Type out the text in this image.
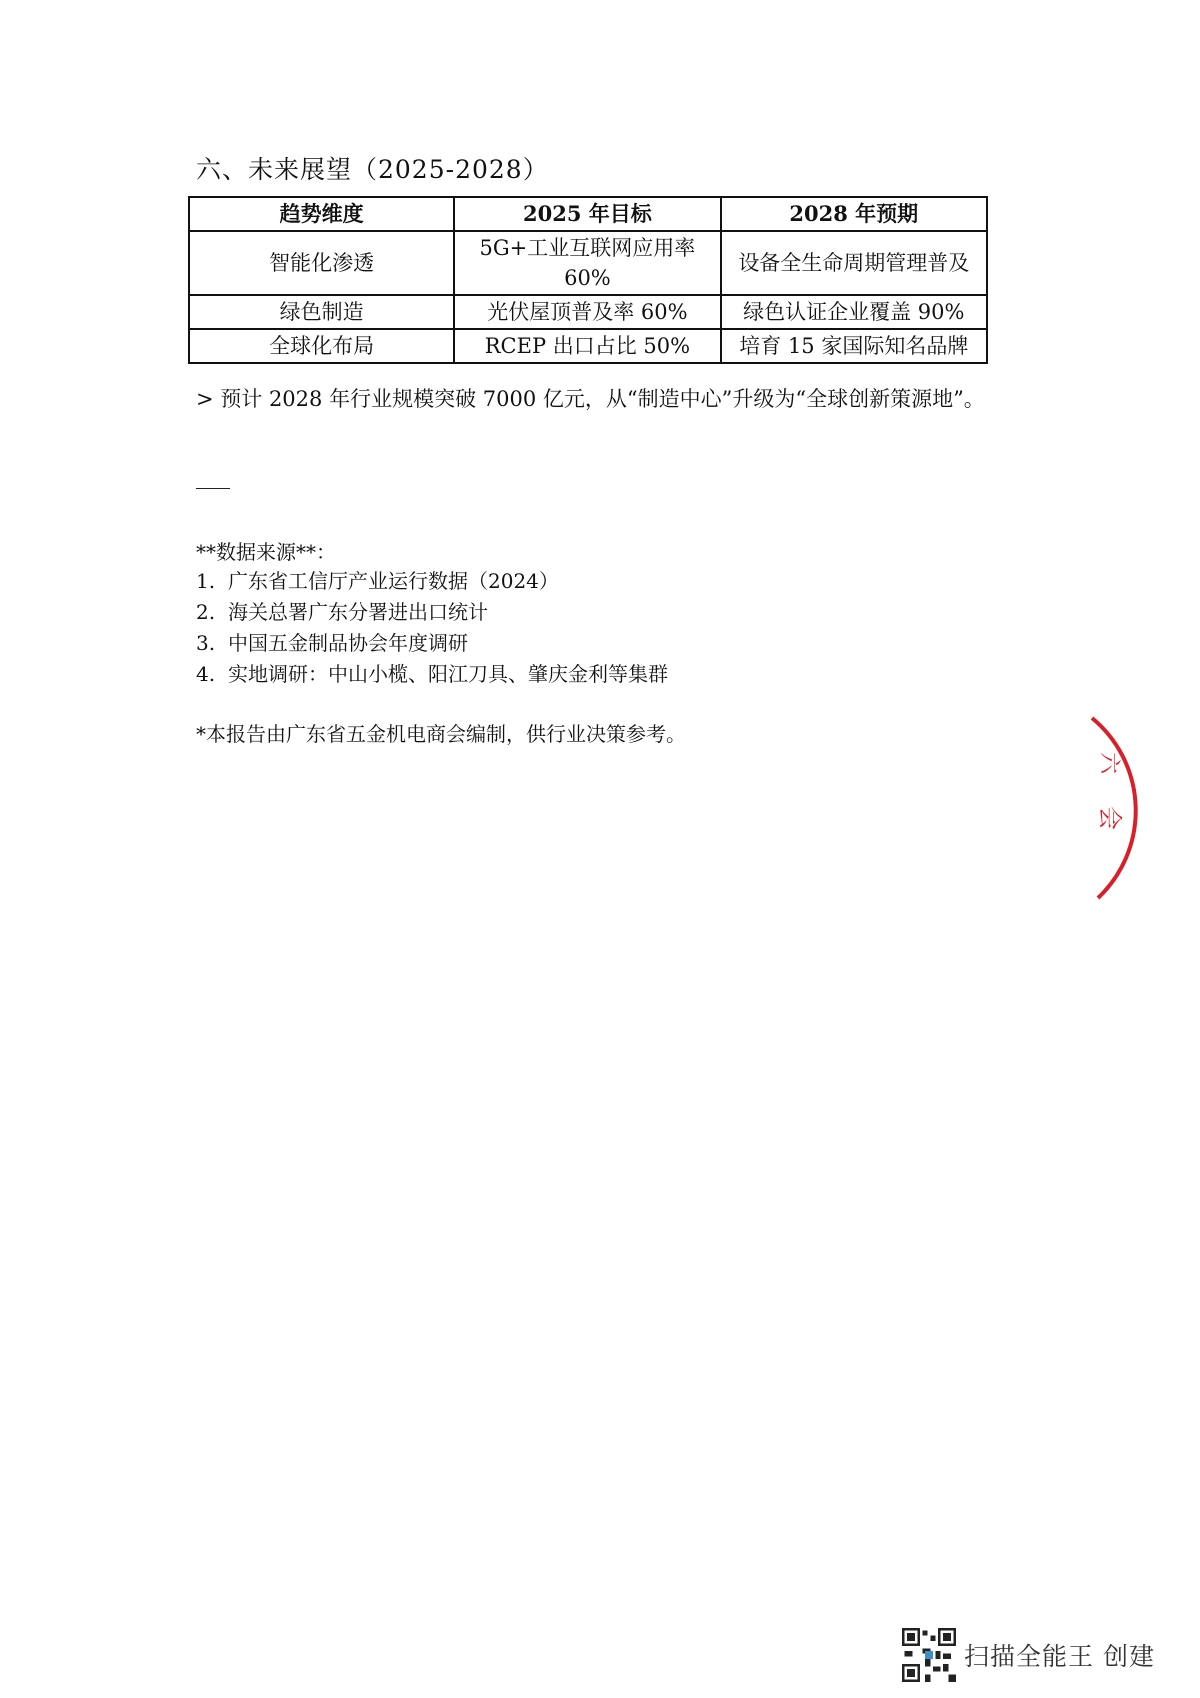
六、未来展望（2025-2028）
趋势维度	2025 年目标	2028 年预期
智能化渗透	5G+工业互联网应用率 60%	设备全生命周期管理普及
绿色制造	光伏屋顶普及率 60%	绿色认证企业覆盖 90%
全球化布局	RCEP 出口占比 50%	培育 15 家国际知名品牌

> 预计 2028 年行业规模突破 7000 亿元，从“制造中心”升级为“全球创新策源地”。

**数据来源**：

1. 广东省工信厅产业运行数据（2024）
2. 海关总署广东分署进出口统计
3. 中国五金制品协会年度调研
4. 实地调研：中山小榄、阳江刀具、肇庆金利等集群

*本报告由广东省五金机电商会编制，供行业决策参考。

六
会
扫描全能王 创建
